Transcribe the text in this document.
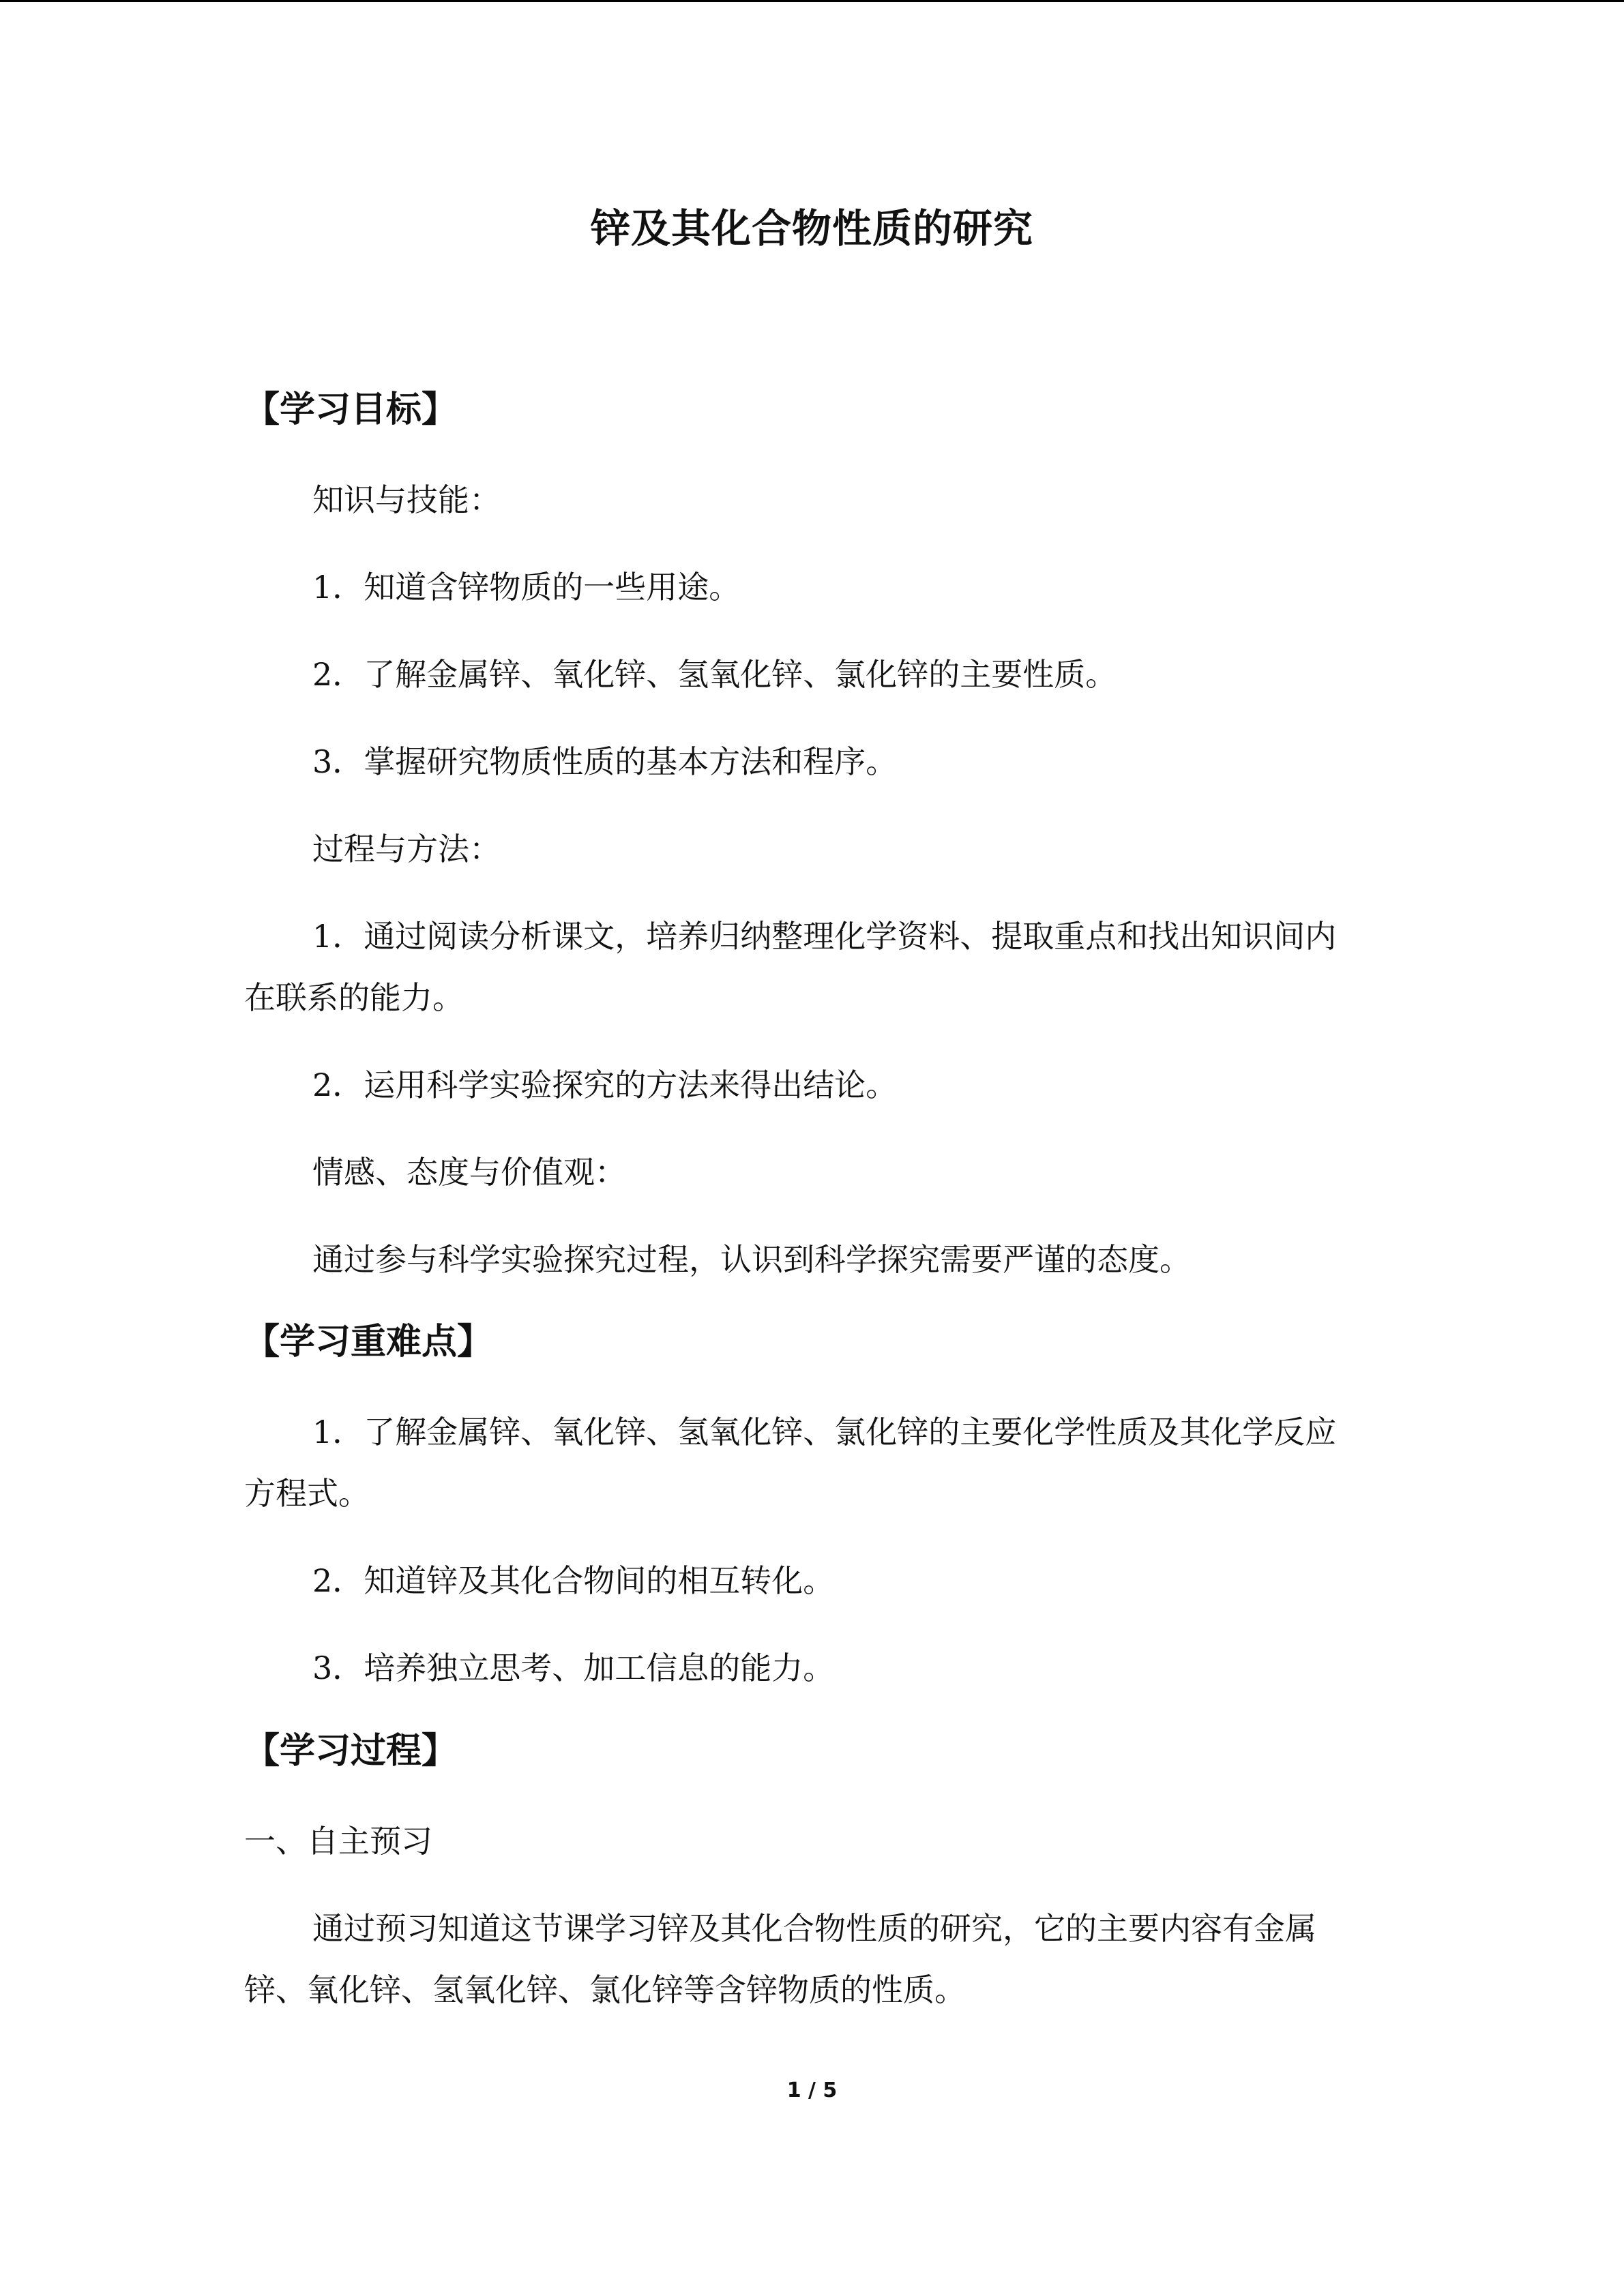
锌及其化合物性质的研究
【学习目标】
知识与技能：
1．知道含锌物质的一些用途。
2．了解金属锌、氧化锌、氢氧化锌、氯化锌的主要性质。
3．掌握研究物质性质的基本方法和程序。
过程与方法：
1．通过阅读分析课文，培养归纳整理化学资料、提取重点和找出知识间内
在联系的能力。
2．运用科学实验探究的方法来得出结论。
情感、态度与价值观：
通过参与科学实验探究过程，认识到科学探究需要严谨的态度。
【学习重难点】
1．了解金属锌、氧化锌、氢氧化锌、氯化锌的主要化学性质及其化学反应
方程式。
2．知道锌及其化合物间的相互转化。
3．培养独立思考、加工信息的能力。
【学习过程】
一、自主预习
通过预习知道这节课学习锌及其化合物性质的研究，它的主要内容有金属
锌、氧化锌、氢氧化锌、氯化锌等含锌物质的性质。
1 / 5
